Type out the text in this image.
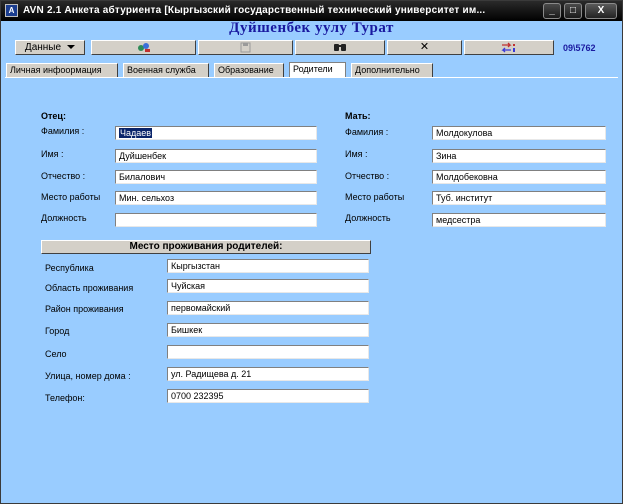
A AVN 2.1 Анкета абтуриента [Кыргызский государственный технический университет им...	_	□	X
Дуйшенбек уулу Турат
Данные	✕	09\5762
Личная инфоормация	Военная служба	Образование	Родители	Дополнительно
Отец:
Фамилия :	Чадаев
Имя :	Дуйшенбек
Отчество :	Билалович
Место работы	Мин. сельхоз
Должность
Мать:
Фамилия :	Молдокулова
Имя :	Зина
Отчество :	Молдобековна
Место работы	Туб. институт
Должность	медсестра
Место проживания родителей:
Республика	Кыргызстан
Область проживания	Чуйская
Район проживания	первомайский
Город	Бишкек
Село
Улица, номер дома :	ул. Радищева д. 21
Телефон:	0700 232395
